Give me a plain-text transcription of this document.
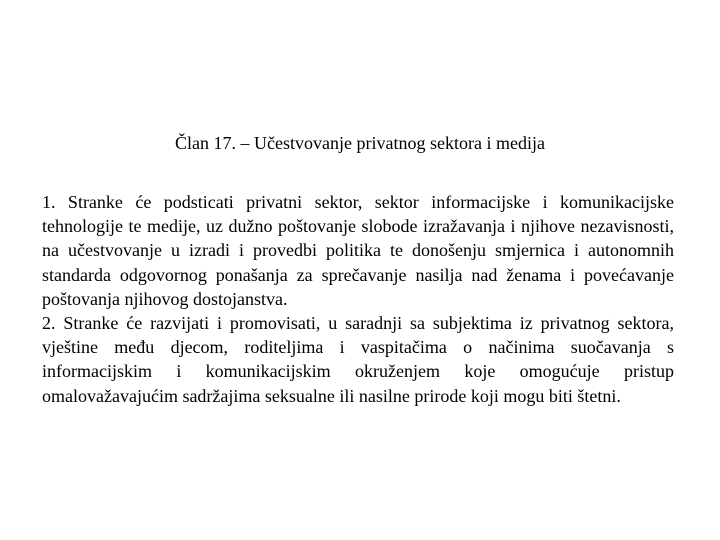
Član 17. – Učestvovanje privatnog sektora i medija

1. Stranke će podsticati privatni sektor, sektor informacijske i komunikacijske tehnologije te medije, uz dužno poštovanje slobode izražavanja i njihove nezavisnosti, na učestvovanje u izradi i provedbi politika te donošenju smjernica i autonomnih standarda odgovornog ponašanja za sprečavanje nasilja nad ženama i povećavanje poštovanja njihovog dostojanstva.

2. Stranke će razvijati i promovisati, u saradnji sa subjektima iz privatnog sektora, vještine među djecom, roditeljima i vaspitačima o načinima suočavanja s informacijskim i komunikacijskim okruženjem koje omogućuje pristup omalovažavajućim sadržajima seksualne ili nasilne prirode koji mogu biti štetni.
